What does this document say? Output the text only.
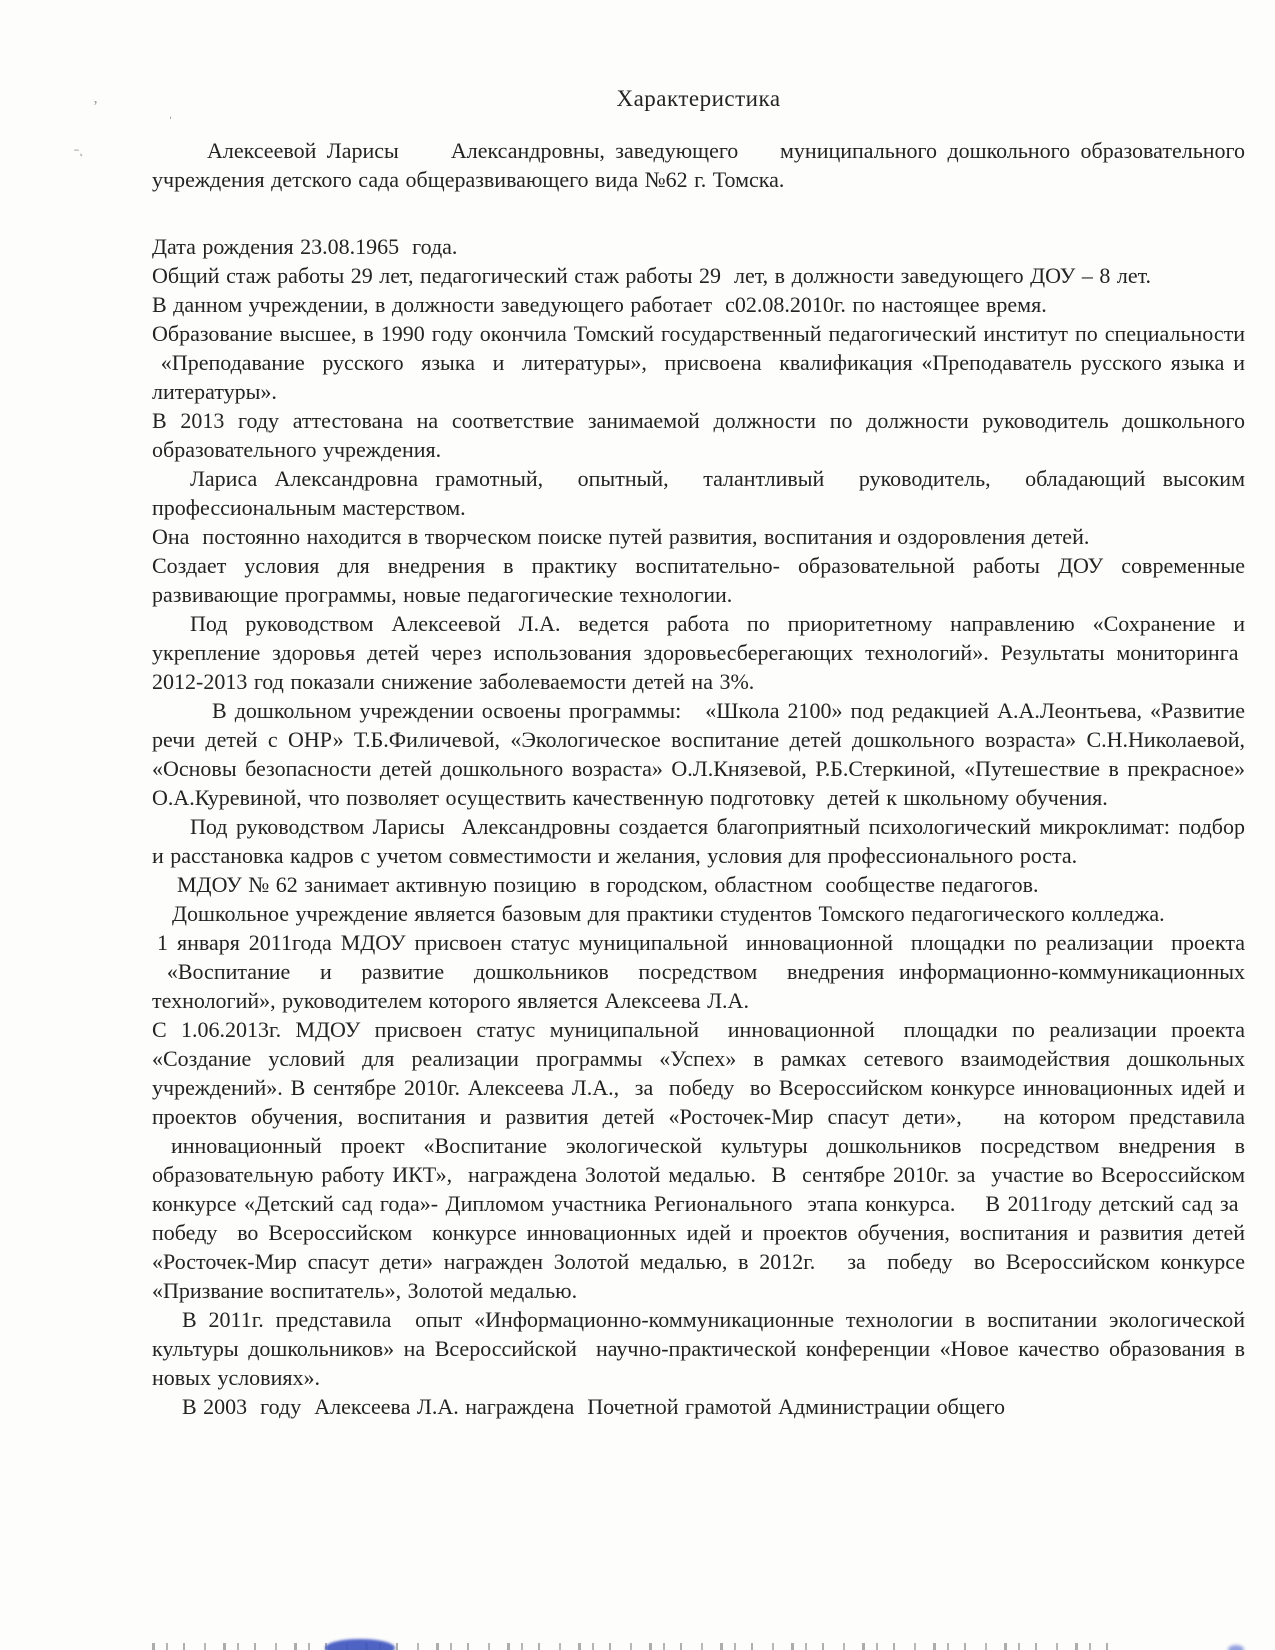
Характеристика

Алексеевой Ларисы     Александровны, заведующего    муниципального дошкольного образовательного учреждения детского сада общеразвивающего вида №62 г. Томска.

Дата рождения 23.08.1965  года.

Общий стаж работы 29 лет, педагогический стаж работы 29  лет, в должности заведующего ДОУ – 8 лет.

В данном учреждении, в должности заведующего работает  с02.08.2010г. по настоящее время.

Образование высшее, в 1990 году окончила Томский государственный педагогический институт по специальности  «Преподавание  русского  языка  и  литературы»,  присвоена  квалификация «Преподаватель русского языка и литературы».

В 2013 году аттестована на соответствие занимаемой должности по должности руководитель дошкольного образовательного учреждения.

Лариса Александровна грамотный,  опытный,  талантливый  руководитель,  обладающий высоким профессиональным мастерством.

Она  постоянно находится в творческом поиске путей развития, воспитания и оздоровления детей.

Создает условия для внедрения в практику воспитательно- образовательной работы ДОУ современные развивающие программы, новые педагогические технологии.

Под руководством Алексеевой Л.А. ведется работа по приоритетному направлению «Сохранение и укрепление здоровья детей через использования здоровьесберегающих технологий». Результаты мониторинга  2012-2013 год показали снижение заболеваемости детей на 3%.

В дошкольном учреждении освоены программы:   «Школа 2100» под редакцией А.А.Леонтьева, «Развитие речи детей с ОНР» Т.Б.Филичевой, «Экологическое воспитание детей дошкольного возраста» С.Н.Николаевой, «Основы безопасности детей дошкольного возраста» О.Л.Князевой, Р.Б.Стеркиной, «Путешествие в прекрасное» О.А.Куревиной, что позволяет осуществить качественную подготовку  детей к школьному обучения.

Под руководством Ларисы  Александровны создается благоприятный психологический микроклимат: подбор и расстановка кадров с учетом совместимости и желания, условия для профессионального роста.

МДОУ № 62 занимает активную позицию  в городском, областном  сообществе педагогов.

Дошкольное учреждение является базовым для практики студентов Томского педагогического колледжа.

1 января 2011года МДОУ присвоен статус муниципальной  инновационной  площадки по реализации  проекта  «Воспитание  и  развитие  дошкольников  посредством  внедрения информационно-коммуникационных технологий», руководителем которого является Алексеева Л.А.

С 1.06.2013г. МДОУ присвоен статус муниципальной  инновационной  площадки по реализации проекта «Создание условий для реализации программы «Успех» в рамках сетевого взаимодействия дошкольных учреждений». В сентябре 2010г. Алексеева Л.А.,  за  победу  во Всероссийском конкурсе инновационных идей и проектов обучения, воспитания и развития детей «Росточек-Мир спасут дети»,   на котором представила  инновационный проект «Воспитание экологической культуры дошкольников посредством внедрения в образовательную работу ИКТ»,  награждена Золотой медалью.  В  сентябре 2010г. за  участие во Всероссийском конкурсе «Детский сад года»- Дипломом участника Регионального  этапа конкурса.    В 2011году детский сад за  победу  во Всероссийском  конкурсе инновационных идей и проектов обучения, воспитания и развития детей «Росточек-Мир спасут дети» награжден Золотой медалью, в 2012г.   за  победу  во Всероссийском конкурсе «Призвание воспитатель», Золотой медалью.

В 2011г. представила  опыт «Информационно-коммуникационные технологии в воспитании экологической культуры дошкольников» на Всероссийской  научно-практической конференции «Новое качество образования в новых условиях».

В 2003  году  Алексеева Л.А. награждена  Почетной грамотой Администрации общего

ʼ
ˈ
˗ͺ
